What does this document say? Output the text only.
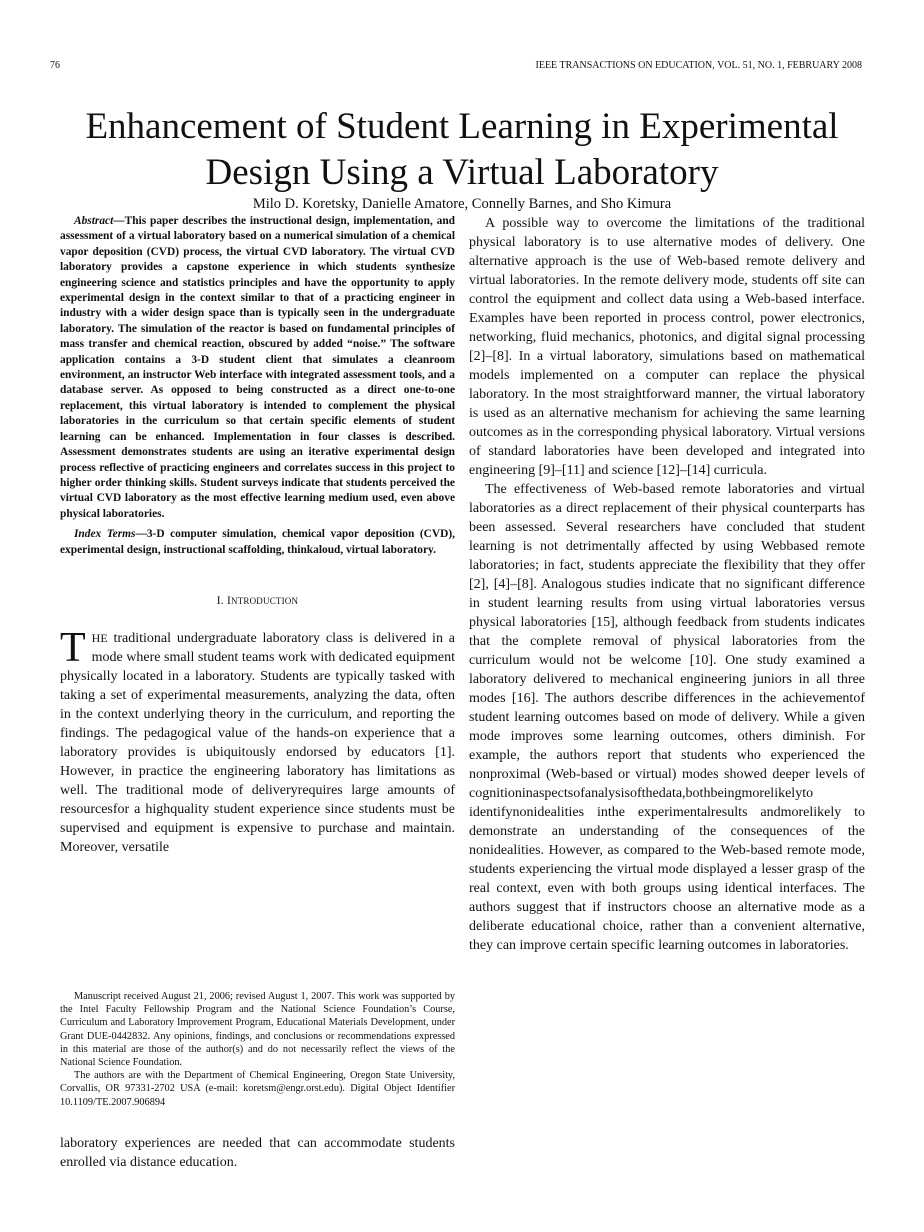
76	IEEE TRANSACTIONS ON EDUCATION, VOL. 51, NO. 1, FEBRUARY 2008
Enhancement of Student Learning in Experimental
Design Using a Virtual Laboratory
Milo D. Koretsky, Danielle Amatore, Connelly Barnes, and Sho Kimura

Abstract—This paper describes the instructional design, implementation, and assessment of a virtual laboratory based on a numerical simulation of a chemical vapor deposition (CVD) process, the virtual CVD laboratory. The virtual CVD laboratory provides a capstone experience in which students synthesize engineering science and statistics principles and have the opportunity to apply experimental design in the context similar to that of a practicing engineer in industry with a wider design space than is typically seen in the undergraduate laboratory. The simulation of the reactor is based on fundamental principles of mass transfer and chemical reaction, obscured by added “noise.” The software application contains a 3-D student client that simulates a cleanroom environment, an instructor Web interface with integrated assessment tools, and a database server. As opposed to being constructed as a direct one-to-one replacement, this virtual laboratory is intended to complement the physical laboratories in the curriculum so that certain specific elements of student learning can be enhanced. Implementation in four classes is described. Assessment demonstrates students are using an iterative experimental design process reflective of practicing engineers and correlates success in this project to higher order thinking skills. Student surveys indicate that students perceived the virtual CVD laboratory as the most effective learning medium used, even above physical laboratories.

Index Terms—3-D computer simulation, chemical vapor deposition (CVD), experimental design, instructional scaffolding, thinkaloud, virtual laboratory.

I. INTRODUCTION

THE traditional undergraduate laboratory class is delivered in a mode where small student teams work with dedicated equipment physically located in a laboratory. Students are typically tasked with taking a set of experimental measurements, analyzing the data, often in the context underlying theory in the curriculum, and reporting the findings. The pedagogical value of the hands-on experience that a laboratory provides is ubiquitously endorsed by educators [1]. However, in practice the engineering laboratory has limitations as well. The traditional mode of deliveryrequires large amounts of resourcesfor a highquality student experience since students must be supervised and equipment is expensive to purchase and maintain. Moreover, versatile

Manuscript received August 21, 2006; revised August 1, 2007. This work was supported by the Intel Faculty Fellowship Program and the National Science Foundation’s Course, Curriculum and Laboratory Improvement Program, Educational Materials Development, under Grant DUE-0442832. Any opinions, findings, and conclusions or recommendations expressed in this material are those of the author(s) and do not necessarily reflect the views of the National Science Foundation.

The authors are with the Department of Chemical Engineering, Oregon State University, Corvallis, OR 97331-2702 USA (e-mail: koretsm@engr.orst.edu). Digital Object Identifier 10.1109/TE.2007.906894

laboratory experiences are needed that can accommodate students enrolled via distance education.

A possible way to overcome the limitations of the traditional physical laboratory is to use alternative modes of delivery. One alternative approach is the use of Web-based remote delivery and virtual laboratories. In the remote delivery mode, students off site can control the equipment and collect data using a Web-based interface. Examples have been reported in process control, power electronics, networking, fluid mechanics, photonics, and digital signal processing [2]–[8]. In a virtual laboratory, simulations based on mathematical models implemented on a computer can replace the physical laboratory. In the most straightforward manner, the virtual laboratory is used as an alternative mechanism for achieving the same learning outcomes as in the corresponding physical laboratory. Virtual versions of standard laboratories have been developed and integrated into engineering [9]–[11] and science [12]–[14] curricula.

The effectiveness of Web-based remote laboratories and virtual laboratories as a direct replacement of their physical counterparts has been assessed. Several researchers have concluded that student learning is not detrimentally affected by using Webbased remote laboratories; in fact, students appreciate the flexibility that they offer [2], [4]–[8]. Analogous studies indicate that no significant difference in student learning results from using virtual laboratories versus physical laboratories [15], although feedback from students indicates that the complete removal of physical laboratories from the curriculum would not be welcome [10]. One study examined a laboratory delivered to mechanical engineering juniors in all three modes [16]. The authors describe differences in the achievementof student learning outcomes based on mode of delivery. While a given mode improves some learning outcomes, others diminish. For example, the authors report that students who experienced the nonproximal (Web-based or virtual) modes showed deeper levels of cognitioninaspectsofanalysisofthedata,bothbeingmorelikelyto identifynonidealities inthe experimentalresults andmorelikely to demonstrate an understanding of the consequences of the nonidealities. However, as compared to the Web-based remote mode, students experiencing the virtual mode displayed a lesser grasp of the real context, even with both groups using identical interfaces. The authors suggest that if instructors choose an alternative mode as a deliberate educational choice, rather than a convenient alternative, they can improve certain specific learning outcomes in laboratories.
